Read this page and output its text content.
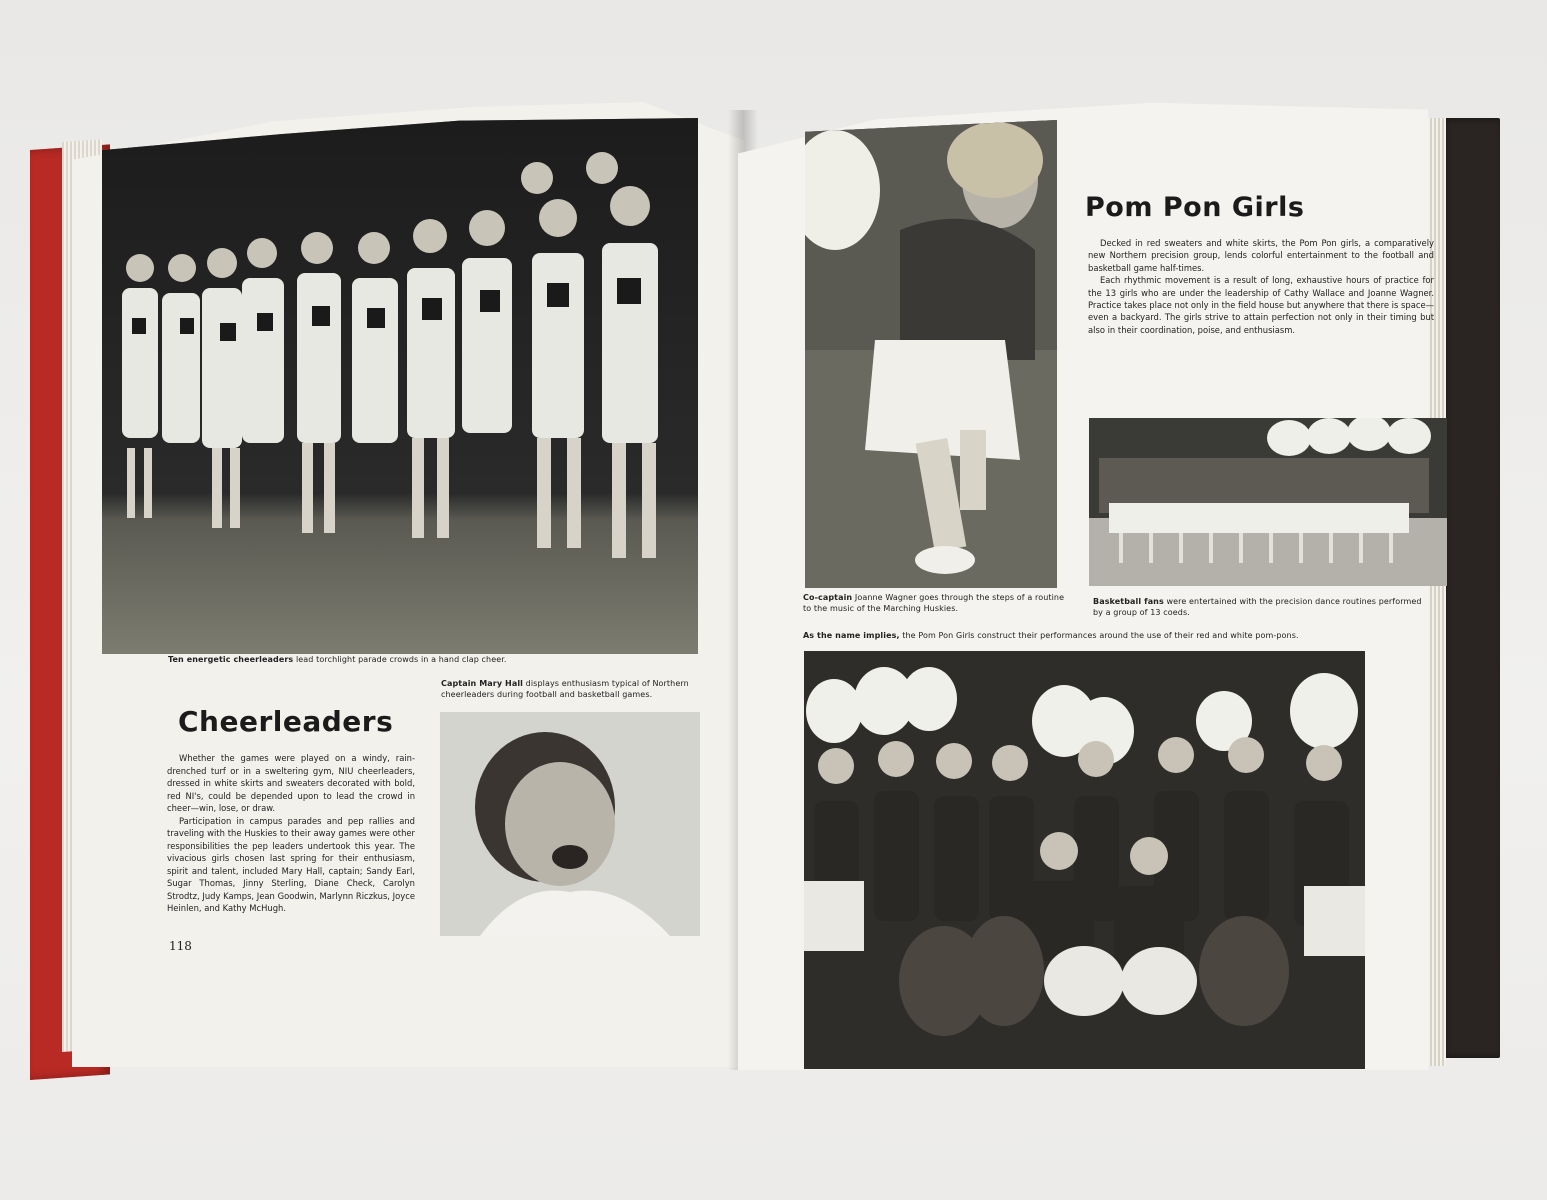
Ten energetic cheerleaders lead torchlight parade crowds in a hand clap cheer.
Captain Mary Hall displays enthusiasm typical of Northern cheerleaders during football and basketball games.
Cheerleaders

Whether the games were played on a windy, rain-drenched turf or in a sweltering gym, NIU cheerleaders, dressed in white skirts and sweaters decorated with bold, red NI's, could be depended upon to lead the crowd in cheer—win, lose, or draw.

Participation in campus parades and pep rallies and traveling with the Huskies to their away games were other responsibilities the pep leaders undertook this year. The vivacious girls chosen last spring for their enthusiasm, spirit and talent, included Mary Hall, captain; Sandy Earl, Sugar Thomas, Jinny Sterling, Diane Check, Carolyn Strodtz, Judy Kamps, Jean Goodwin, Marlynn Riczkus, Joyce Heinlen, and Kathy McHugh.

118
Pom Pon Girls

Decked in red sweaters and white skirts, the Pom Pon girls, a comparatively new Northern precision group, lends colorful entertainment to the football and basketball game half-times.

Each rhythmic movement is a result of long, exhaustive hours of practice for the 13 girls who are under the leadership of Cathy Wallace and Joanne Wagner. Practice takes place not only in the field house but anywhere that there is space—even a backyard. The girls strive to attain perfection not only in their timing but also in their coordination, poise, and enthusiasm.

Co-captain Joanne Wagner goes through the steps of a routine to the music of the Marching Huskies.
Basketball fans were entertained with the precision dance routines performed by a group of 13 coeds.
As the name implies, the Pom Pon Girls construct their performances around the use of their red and white pom-pons.
